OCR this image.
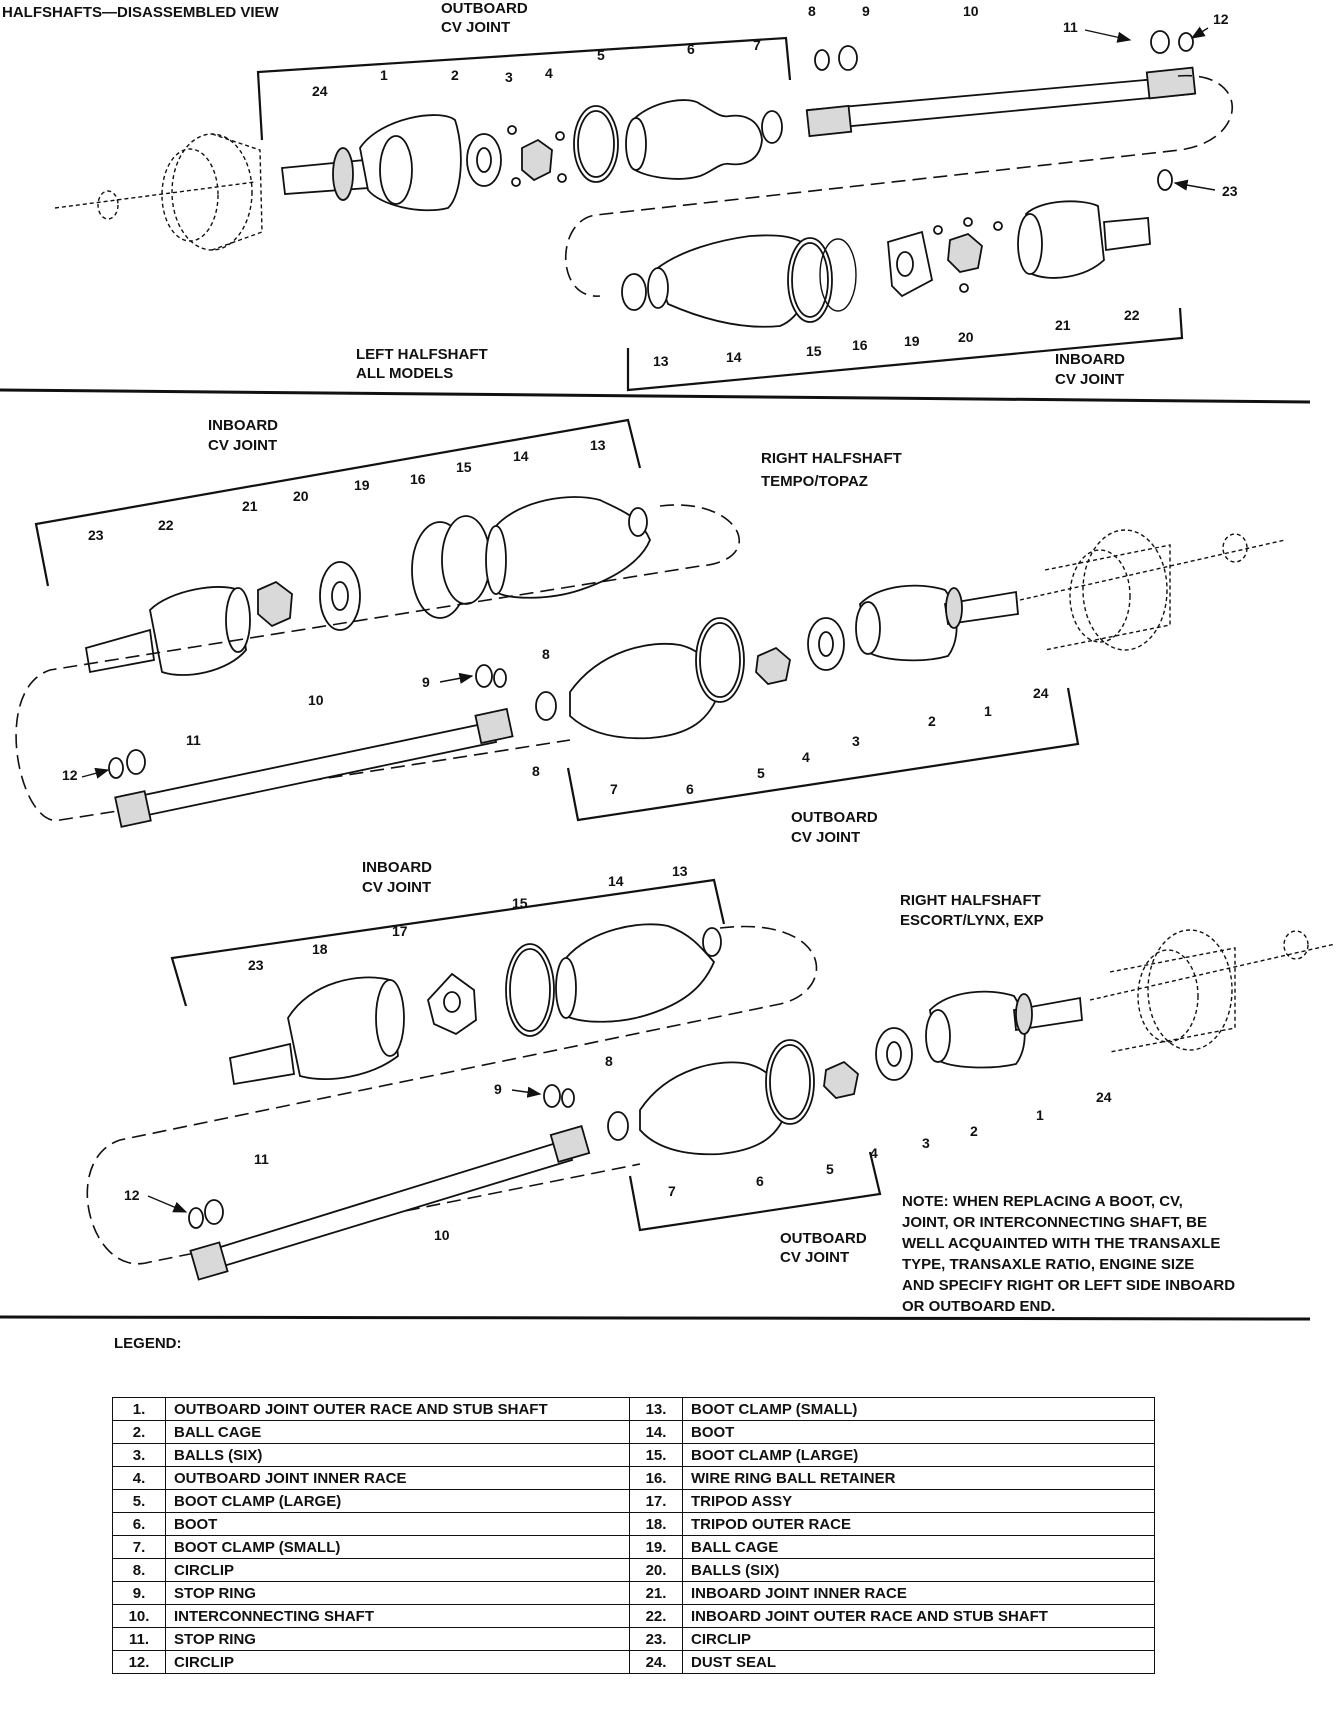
HALFSHAFTS—DISASSEMBLED VIEW	OUTBOARD
CV JOINT
INBOARD
CV JOINT
1	2	3 4
5	6	7
8	9	10
11	12
13	14	15 16	19	20
21
22
23
24
LEFT HALFSHAFT
ALL MODELS
RIGHT HALFSHAFT
TEMPO/TOPAZ
INBOARD
CV JOINT
OUTBOARD
CV JOINT
23
22
21
20
19	16
15
14
13
9
8
10
11
12	8
7	6
5
4
3
2
1
24
RIGHT HALFSHAFT
ESCORT/LYNX, EXP
INBOARD
CV JOINT
OUTBOARD
CV JOINT
23
18
17
15
14
13
9
8
11
12
10
7
6
5
4
3
2
1
24
NOTE: WHEN REPLACING A BOOT, CV,
JOINT, OR INTERCONNECTING SHAFT, BE
WELL ACQUAINTED WITH THE TRANSAXLE
TYPE, TRANSAXLE RATIO, ENGINE SIZE
AND SPECIFY RIGHT OR LEFT SIDE INBOARD
OR OUTBOARD END.
LEGEND:
1.	OUTBOARD JOINT OUTER RACE AND STUB SHAFT	13.	BOOT CLAMP (SMALL)
2.	BALL CAGE	14.	BOOT
3.	BALLS (SIX)	15.	BOOT CLAMP (LARGE)
4.	OUTBOARD JOINT INNER RACE	16.	WIRE RING BALL RETAINER
5.	BOOT CLAMP (LARGE)	17.	TRIPOD ASSY
6.	BOOT	18.	TRIPOD OUTER RACE
7.	BOOT CLAMP (SMALL)	19.	BALL CAGE
8.	CIRCLIP	20.	BALLS (SIX)
9.	STOP RING	21.	INBOARD JOINT INNER RACE
10.	INTERCONNECTING SHAFT	22.	INBOARD JOINT OUTER RACE AND STUB SHAFT
11.	STOP RING	23.	CIRCLIP
12.	CIRCLIP	24.	DUST SEAL
